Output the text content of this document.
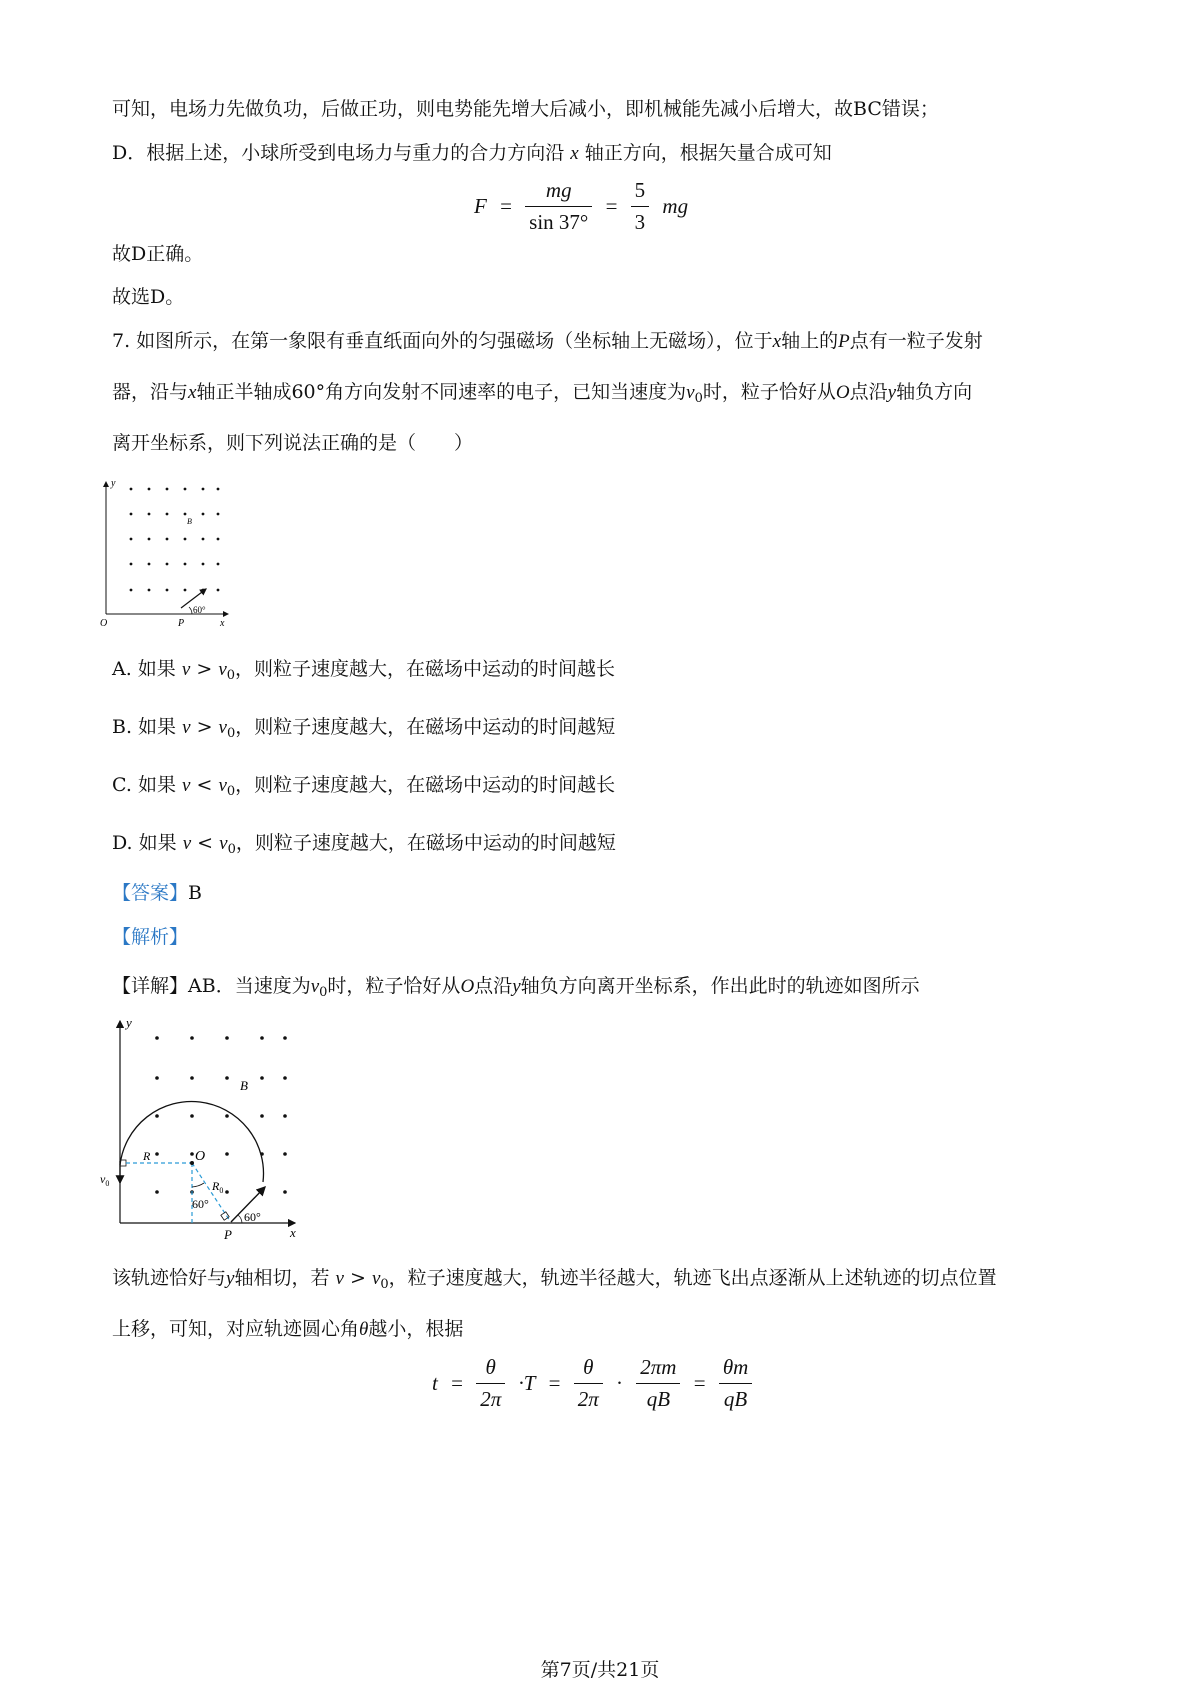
可知，电场力先做负功，后做正功，则电势能先增大后减小，即机械能先减小后增大，故BC错误；
D．根据上述，小球所受到电场力与重力的合力方向沿 x 轴正方向，根据矢量合成可知
$F = \frac{mg}{\sin 37^\circ} = \frac{5}{3}$ mg
故D正确。
故选D。
7. 如图所示，在第一象限有垂直纸面向外的匀强磁场（坐标轴上无磁场），位于x轴上的P点有一粒子发射
器，沿与x轴正半轴成60°角方向发射不同速率的电子，已知当速度为$v_0$时，粒子恰好从O点沿y轴负方向
离开坐标系，则下列说法正确的是（　　）
y
x
O	P
B
60°
A. 如果 $v > v_0$，则粒子速度越大，在磁场中运动的时间越长
B. 如果 $v > v_0$，则粒子速度越大，在磁场中运动的时间越短
C. 如果 $v < v_0$，则粒子速度越大，在磁场中运动的时间越长
D. 如果 $v < v_0$，则粒子速度越大，在磁场中运动的时间越短
【答案】B
【解析】
【详解】AB．当速度为$v_0$时，粒子恰好从O点沿y轴负方向离开坐标系，作出此时的轨迹如图所示
y
x
P
O
B
R
$R_0$
$v_0$
60°
60°
该轨迹恰好与y轴相切，若 $v > v_0$，粒子速度越大，轨迹半径越大，轨迹飞出点逐渐从上述轨迹的切点位置
上移，可知，对应轨迹圆心角θ越小，根据
$t = \frac{\theta}{2\pi} \cdot T = \frac{\theta}{2\pi} \cdot \frac{2\pi m}{qB} = \frac{\theta m}{qB}$
第7页/共21页
